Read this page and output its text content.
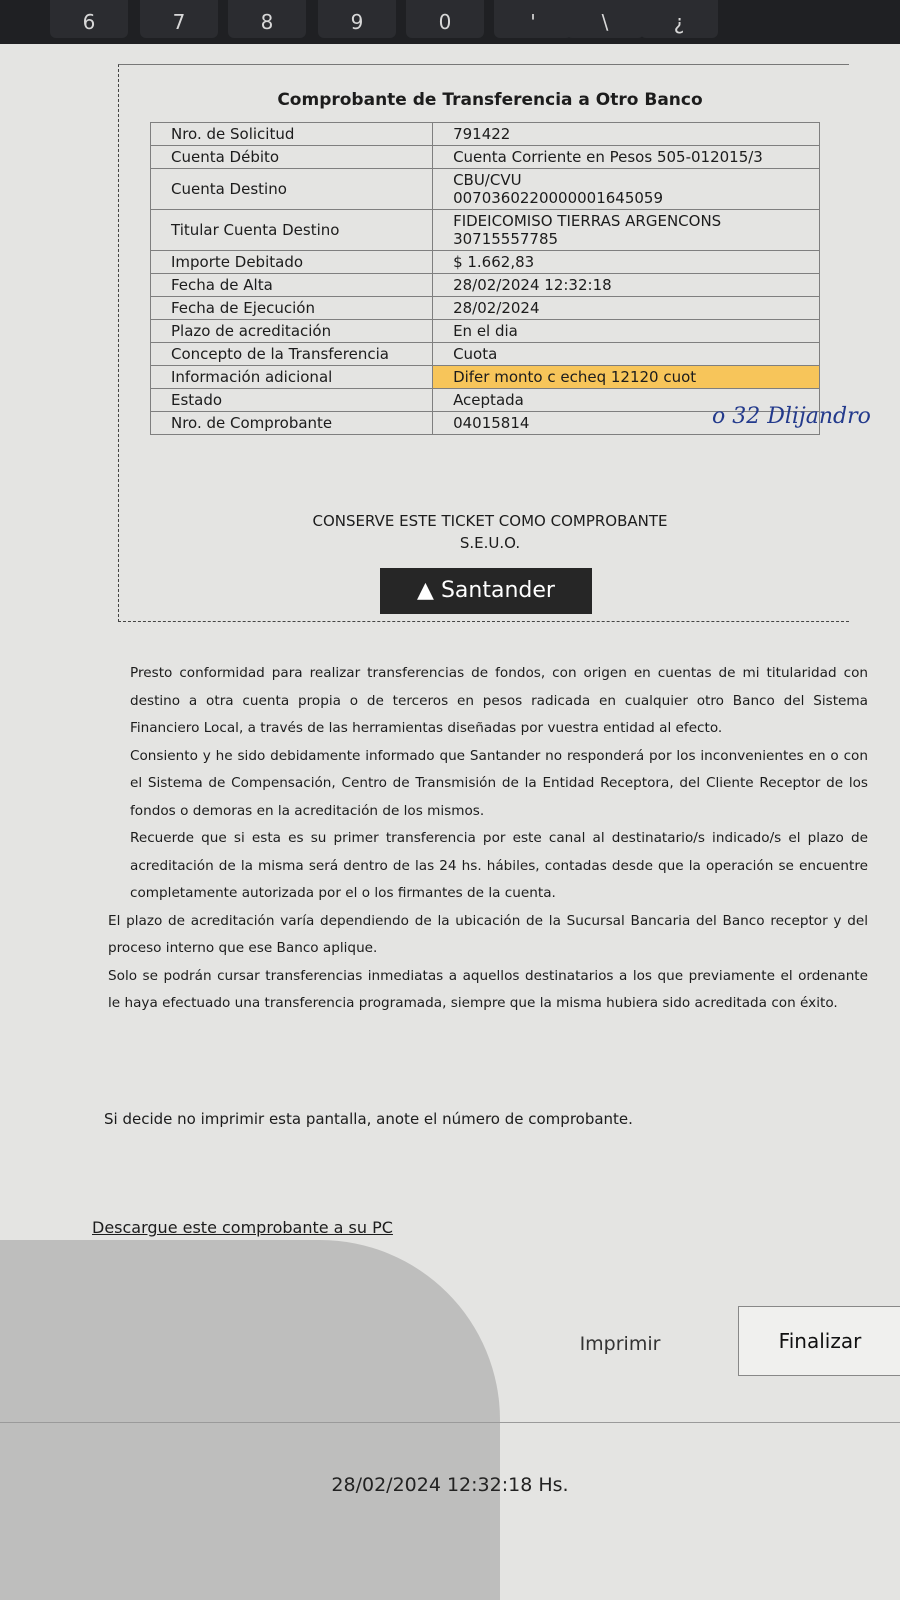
6	7	8	9	0	'	\	¿
Comprobante de Transferencia a Otro Banco
Nro. de Solicitud	791422
Cuenta Débito	Cuenta Corriente en Pesos 505-012015/3
Cuenta Destino	CBU/CVU
0070360220000001645059

Titular Cuenta Destino	FIDEICOMISO TIERRAS ARGENCONS
30715557785

Importe Debitado	$ 1.662,83
Fecha de Alta	28/02/2024 12:32:18
Fecha de Ejecución	28/02/2024
Plazo de acreditación	En el dia
Concepto de la Transferencia	Cuota
Información adicional	Difer monto c echeq 12120 cuot
Estado	Aceptada
Nro. de Comprobante	04015814	o 32 Dlijandro
CONSERVE ESTE TICKET COMO COMPROBANTE
S.E.U.O.
▲ Santander

Presto conformidad para realizar transferencias de fondos, con origen en cuentas de mi titularidad con destino a otra cuenta propia o de terceros en pesos radicada en cualquier otro Banco del Sistema Financiero Local, a través de las herramientas diseñadas por vuestra entidad al efecto.

Consiento y he sido debidamente informado que Santander no responderá por los inconvenientes en o con el Sistema de Compensación, Centro de Transmisión de la Entidad Receptora, del Cliente Receptor de los fondos o demoras en la acreditación de los mismos.

Recuerde que si esta es su primer transferencia por este canal al destinatario/s indicado/s el plazo de acreditación de la misma será dentro de las 24 hs. hábiles, contadas desde que la operación se encuentre completamente autorizada por el o los firmantes de la cuenta.

El plazo de acreditación varía dependiendo de la ubicación de la Sucursal Bancaria del Banco receptor y del proceso interno que ese Banco aplique.

Solo se podrán cursar transferencias inmediatas a aquellos destinatarios a los que previamente el ordenante le haya efectuado una transferencia programada, siempre que la misma hubiera sido acreditada con éxito.

Si decide no imprimir esta pantalla, anote el número de comprobante.
Descargue este comprobante a su PC
Imprimir	Finalizar
28/02/2024 12:32:18 Hs.
